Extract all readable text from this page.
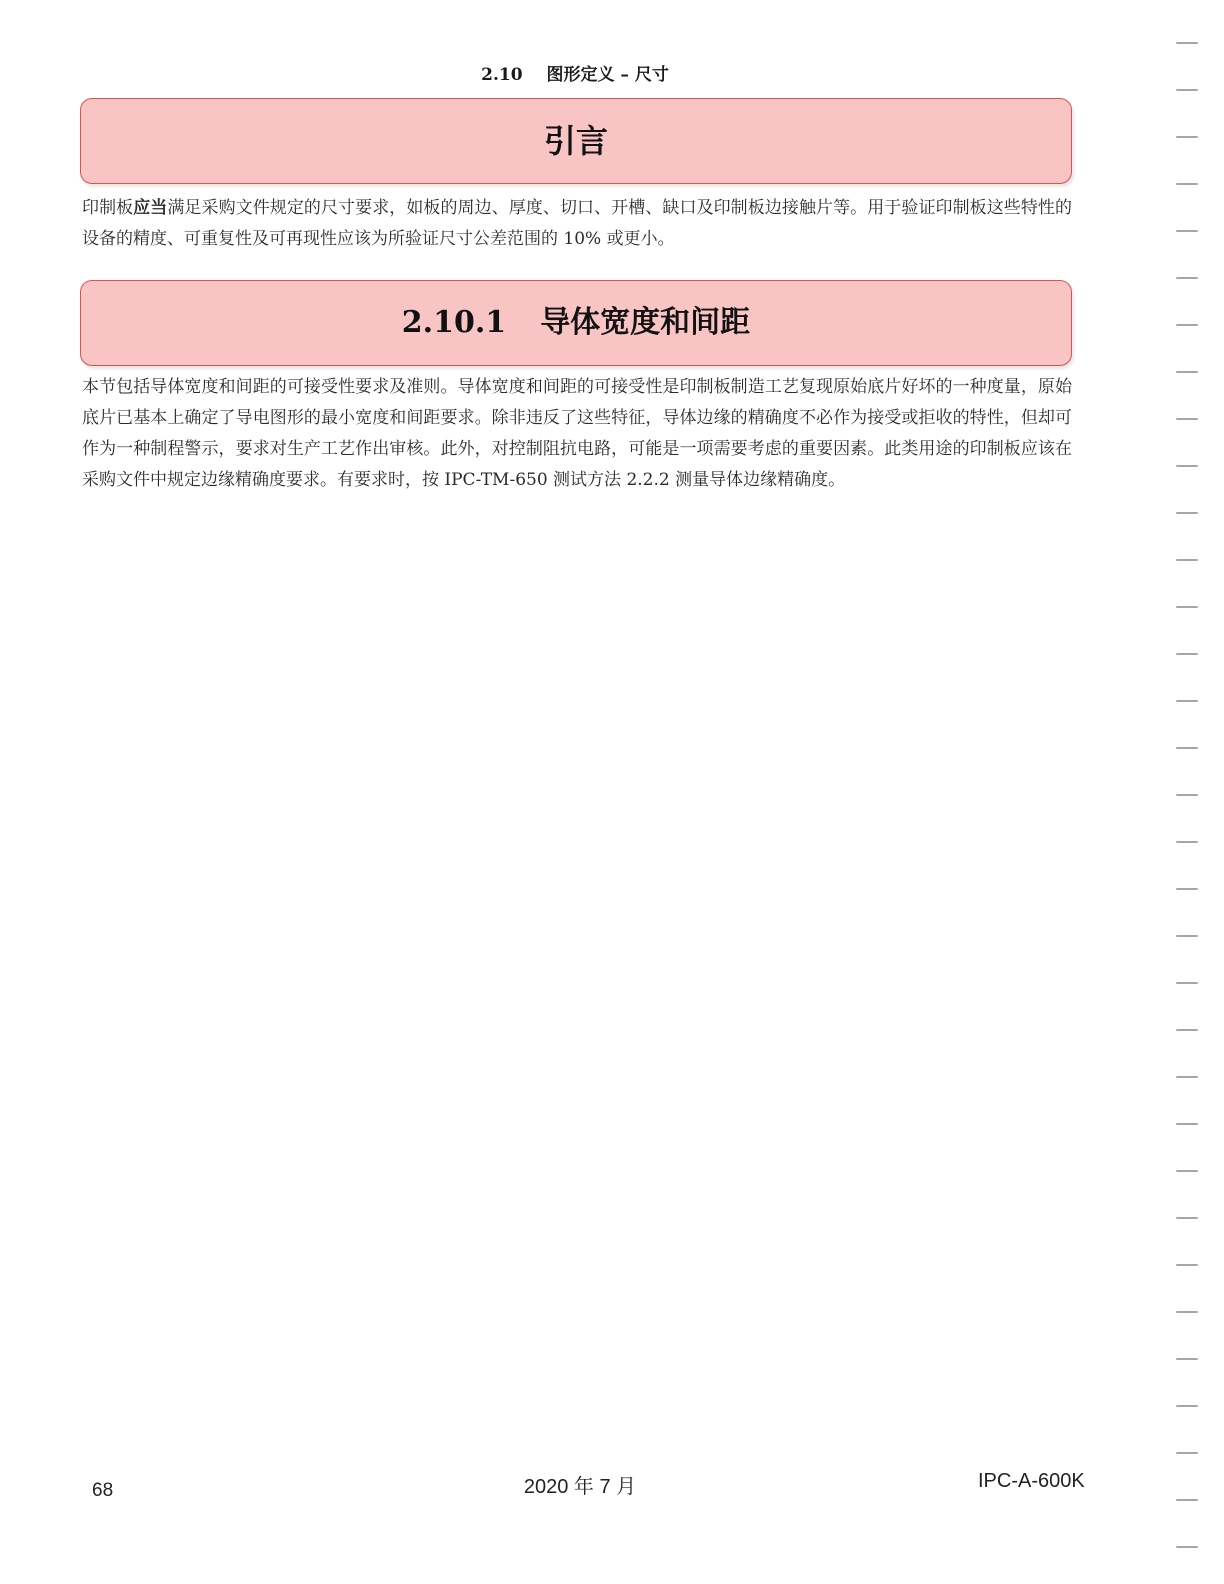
2.10 图形定义 – 尺寸
引言

印制板应当满足采购文件规定的尺寸要求，如板的周边、厚度、切口、开槽、缺口及印制板边接触片等。用于验证印制板这些特性的设备的精度、可重复性及可再现性应该为所验证尺寸公差范围的 10% 或更小。

2.10.1 导体宽度和间距

本节包括导体宽度和间距的可接受性要求及准则。导体宽度和间距的可接受性是印制板制造工艺复现原始底片好坏的一种度量，原始底片已基本上确定了导电图形的最小宽度和间距要求。除非违反了这些特征，导体边缘的精确度不必作为接受或拒收的特性，但却可作为一种制程警示，要求对生产工艺作出审核。此外，对控制阻抗电路，可能是一项需要考虑的重要因素。此类用途的印制板应该在采购文件中规定边缘精确度要求。有要求时，按 IPC-TM-650 测试方法 2.2.2 测量导体边缘精确度。

68	2020 年 7 月	IPC-A-600K
